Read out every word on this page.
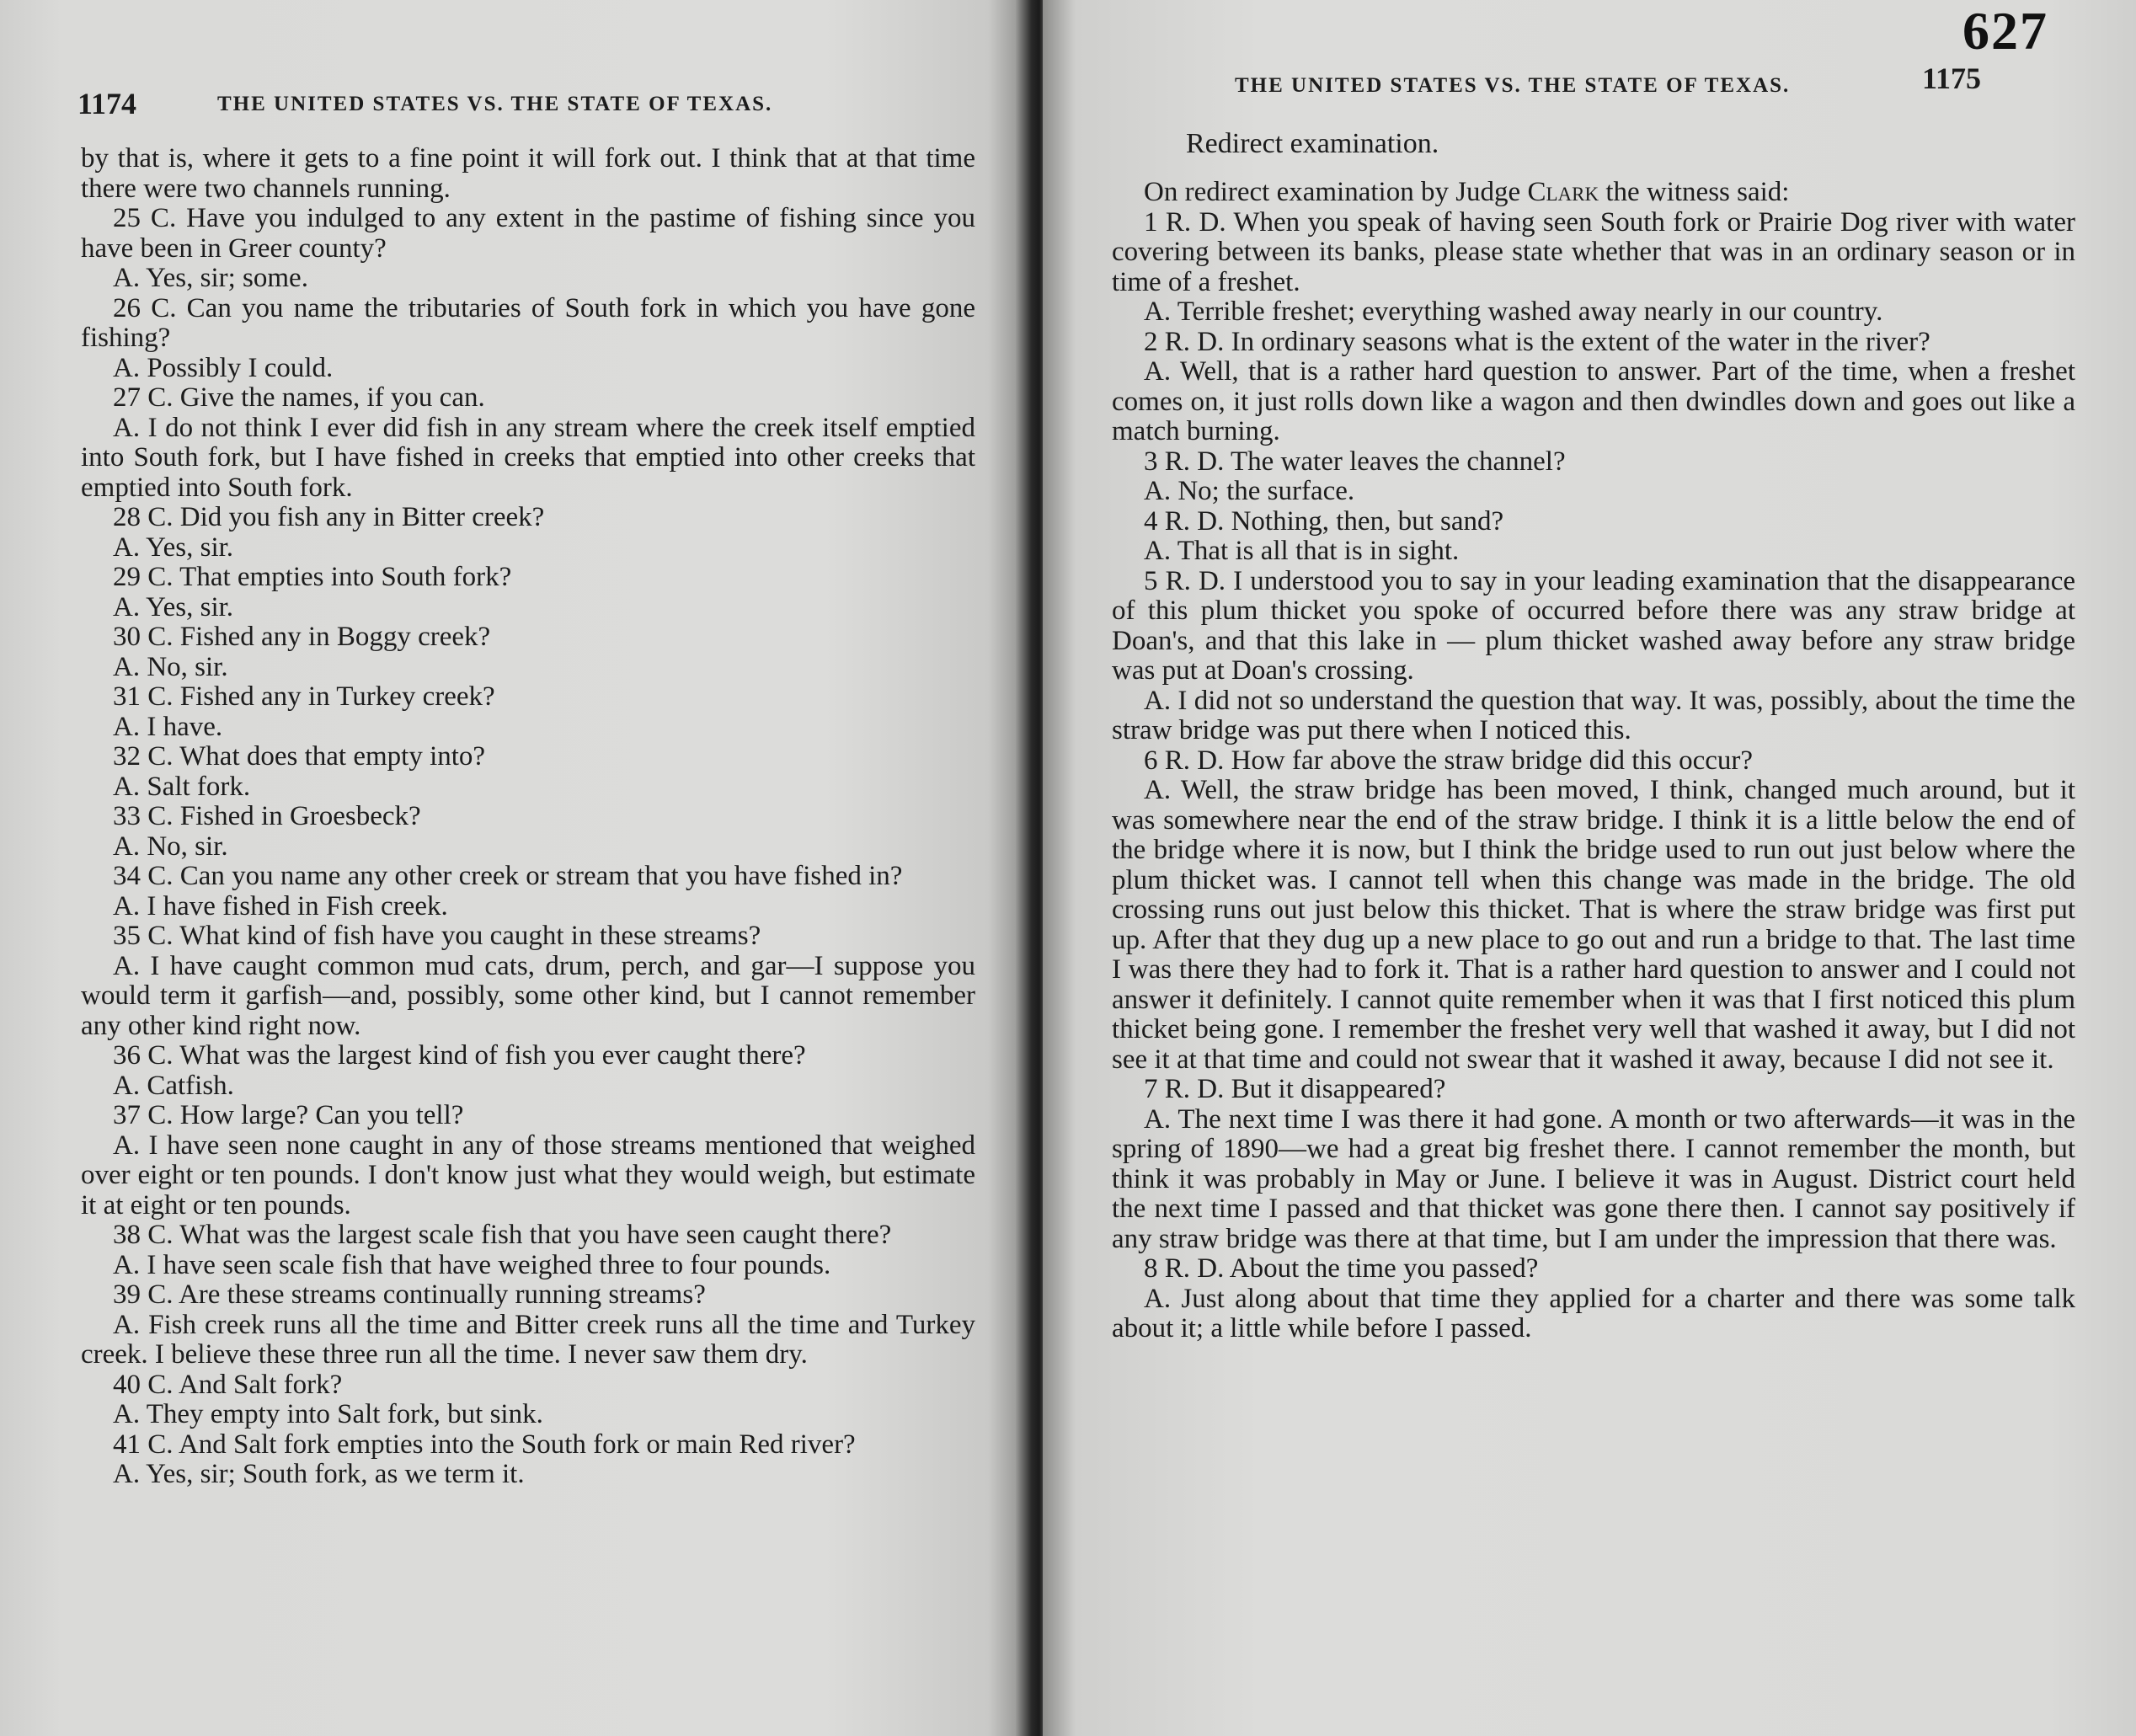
1174	THE UNITED STATES VS. THE STATE OF TEXAS.

by that is, where it gets to a fine point it will fork out. I think that at that time there were two channels running.

25 C. Have you indulged to any extent in the pastime of fishing since you have been in Greer county?

A. Yes, sir; some.

26 C. Can you name the tributaries of South fork in which you have gone fishing?

A. Possibly I could.

27 C. Give the names, if you can.

A. I do not think I ever did fish in any stream where the creek itself emptied into South fork, but I have fished in creeks that emptied into other creeks that emptied into South fork.

28 C. Did you fish any in Bitter creek?

A. Yes, sir.

29 C. That empties into South fork?

A. Yes, sir.

30 C. Fished any in Boggy creek?

A. No, sir.

31 C. Fished any in Turkey creek?

A. I have.

32 C. What does that empty into?

A. Salt fork.

33 C. Fished in Groesbeck?

A. No, sir.

34 C. Can you name any other creek or stream that you have fished in?

A. I have fished in Fish creek.

35 C. What kind of fish have you caught in these streams?

A. I have caught common mud cats, drum, perch, and gar—I suppose you would term it garfish—and, possibly, some other kind, but I cannot remember any other kind right now.

36 C. What was the largest kind of fish you ever caught there?

A. Catfish.

37 C. How large? Can you tell?

A. I have seen none caught in any of those streams mentioned that weighed over eight or ten pounds. I don't know just what they would weigh, but estimate it at eight or ten pounds.

38 C. What was the largest scale fish that you have seen caught there?

A. I have seen scale fish that have weighed three to four pounds.

39 C. Are these streams continually running streams?

A. Fish creek runs all the time and Bitter creek runs all the time and Turkey creek. I believe these three run all the time. I never saw them dry.

40 C. And Salt fork?

A. They empty into Salt fork, but sink.

41 C. And Salt fork empties into the South fork or main Red river?

A. Yes, sir; South fork, as we term it.

627
THE UNITED STATES VS. THE STATE OF TEXAS.	1175
Redirect examination.

On redirect examination by Judge Clark the witness said:

1 R. D. When you speak of having seen South fork or Prairie Dog river with water covering between its banks, please state whether that was in an ordinary season or in time of a freshet.

A. Terrible freshet; everything washed away nearly in our country.

2 R. D. In ordinary seasons what is the extent of the water in the river?

A. Well, that is a rather hard question to answer. Part of the time, when a freshet comes on, it just rolls down like a wagon and then dwindles down and goes out like a match burning.

3 R. D. The water leaves the channel?

A. No; the surface.

4 R. D. Nothing, then, but sand?

A. That is all that is in sight.

5 R. D. I understood you to say in your leading examination that the disappearance of this plum thicket you spoke of occurred before there was any straw bridge at Doan's, and that this lake in — plum thicket washed away before any straw bridge was put at Doan's crossing.

A. I did not so understand the question that way. It was, possibly, about the time the straw bridge was put there when I noticed this.

6 R. D. How far above the straw bridge did this occur?

A. Well, the straw bridge has been moved, I think, changed much around, but it was somewhere near the end of the straw bridge. I think it is a little below the end of the bridge where it is now, but I think the bridge used to run out just below where the plum thicket was. I cannot tell when this change was made in the bridge. The old crossing runs out just below this thicket. That is where the straw bridge was first put up. After that they dug up a new place to go out and run a bridge to that. The last time I was there they had to fork it. That is a rather hard question to answer and I could not answer it definitely. I cannot quite remember when it was that I first noticed this plum thicket being gone. I remember the freshet very well that washed it away, but I did not see it at that time and could not swear that it washed it away, because I did not see it.

7 R. D. But it disappeared?

A. The next time I was there it had gone. A month or two afterwards—it was in the spring of 1890—we had a great big freshet there. I cannot remember the month, but think it was probably in May or June. I believe it was in August. District court held the next time I passed and that thicket was gone there then. I cannot say positively if any straw bridge was there at that time, but I am under the impression that there was.

8 R. D. About the time you passed?

A. Just along about that time they applied for a charter and there was some talk about it; a little while before I passed.
